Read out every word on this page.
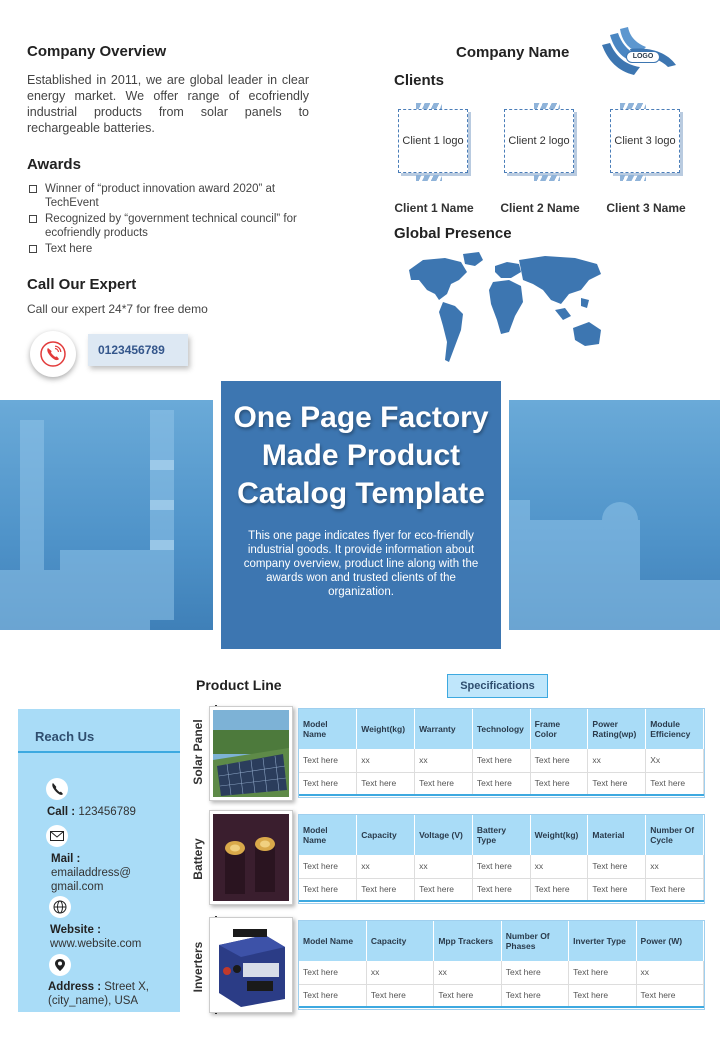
Company Overview

Established in 2011, we are global leader in clear energy market. We offer range of ecofriendly industrial products from solar panels to rechargeable batteries.

Awards
Winner of “product innovation award 2020” at TechEvent
Recognized by “government technical council” for ecofriendly products
Text here
Call Our Expert

Call our expert 24*7 for free demo

0123456789
Company Name	LOGO
Clients
Client 1 logo	Client 2 logo	Client 3 logo
Client 1 Name	Client 2 Name	Client 3 Name
Global Presence
One Page Factory Made Product Catalog Template
This one page indicates flyer for eco-friendly industrial goods. It provide information about company overview, product line along with the awards won and trusted clients of the organization.
Product Line	Specifications
Reach Us
Call : 123456789
Mail :
emailaddress@ gmail.com
Website :
www.website.com
Address : Street X, (city_name), USA
Solar Panel	Model Name	Weight(kg)	Warranty	Technology	Frame Color	Power Rating(wp)	Module Efficiency
Text here	xx	xx	Text here	Text here	xx	Xx
Text here	Text here	Text here	Text here	Text here	Text here	Text here
Battery
Model Name	Capacity	Voltage (V)	Battery Type	Weight(kg)	Material	Number Of Cycle
Text here	xx	xx	Text here	xx	Text here	xx
Text here	Text here	Text here	Text here	Text here	Text here	Text here
Inverters
Model Name	Capacity	Mpp Trackers	Number Of Phases	Inverter Type	Power (W)
Text here	xx	xx	Text here	Text here	xx
Text here	Text here	Text here	Text here	Text here	Text here
